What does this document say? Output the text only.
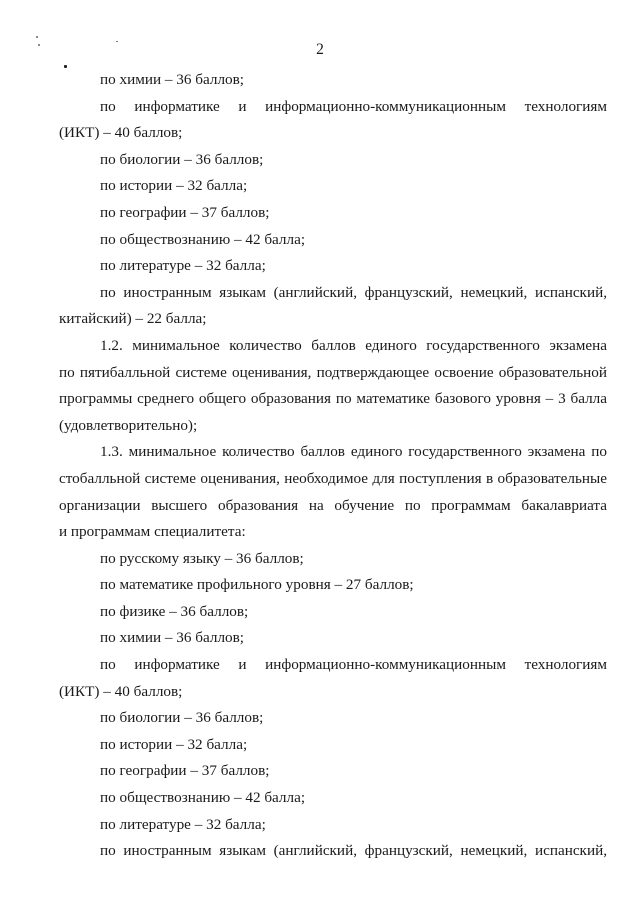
2
по химии – 36 баллов;
по информатике и информационно-коммуникационным технологиям
(ИКТ) – 40 баллов;
по биологии – 36 баллов;
по истории – 32 балла;
по географии – 37 баллов;
по обществознанию – 42 балла;
по литературе – 32 балла;
по иностранным языкам (английский, французский, немецкий, испанский,
китайский) – 22 балла;
1.2. минимальное количество баллов единого государственного экзамена
по пятибалльной системе оценивания, подтверждающее освоение образовательной
программы среднего общего образования по математике базового уровня – 3 балла
(удовлетворительно);
1.3. минимальное количество баллов единого государственного экзамена по
стобалльной системе оценивания, необходимое для поступления в образовательные
организации высшего образования на обучение по программам бакалавриата
и программам специалитета:
по русскому языку – 36 баллов;
по математике профильного уровня – 27 баллов;
по физике – 36 баллов;
по химии – 36 баллов;
по информатике и информационно-коммуникационным технологиям
(ИКТ) – 40 баллов;
по биологии – 36 баллов;
по истории – 32 балла;
по географии – 37 баллов;
по обществознанию – 42 балла;
по литературе – 32 балла;
по иностранным языкам (английский, французский, немецкий, испанский,
